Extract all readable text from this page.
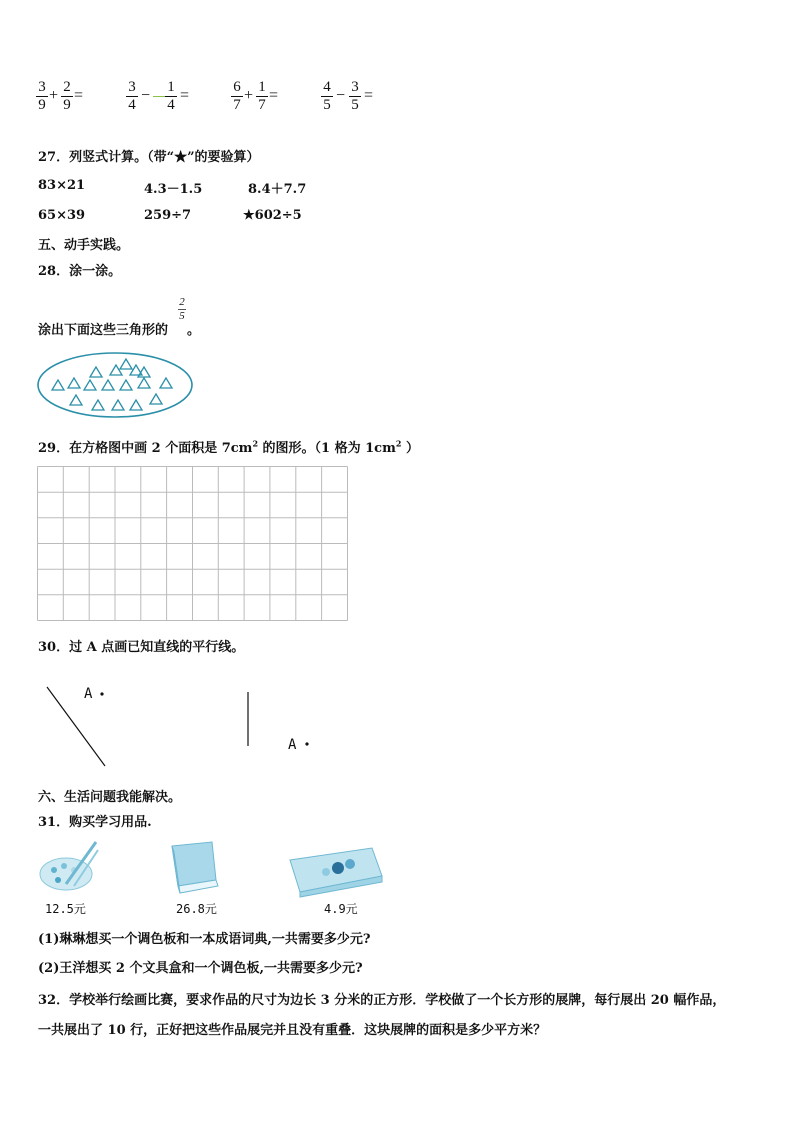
3
9
+ 2
9
=	3
4
− 1
4
=	6
7
+ 1
7
=	4
5
− 3
5
=
27．列竖式计算。（带“★”的要验算）
83×21	4.3－1.5	8.4＋7.7
65×39	259÷7	★602÷5
五、动手实践。
28．涂一涂。
涂出下面这些三角形的
2
5
。
29．在方格图中画 2 个面积是 $7cm^2$ 的图形。（1 格为 $1cm^2$ ）
30．过 A 点画已知直线的平行线。
A
A
六、生活问题我能解决。
31．购买学习用品.
12.5元	26.8元	4.9元
(1)琳琳想买一个调色板和一本成语词典,一共需要多少元?
(2)王洋想买 2 个文具盒和一个调色板,一共需要多少元?
32．学校举行绘画比赛，要求作品的尺寸为边长 3 分米的正方形．学校做了一个长方形的展牌，每行展出 20 幅作品，
一共展出了 10 行，正好把这些作品展完并且没有重叠．这块展牌的面积是多少平方米？
